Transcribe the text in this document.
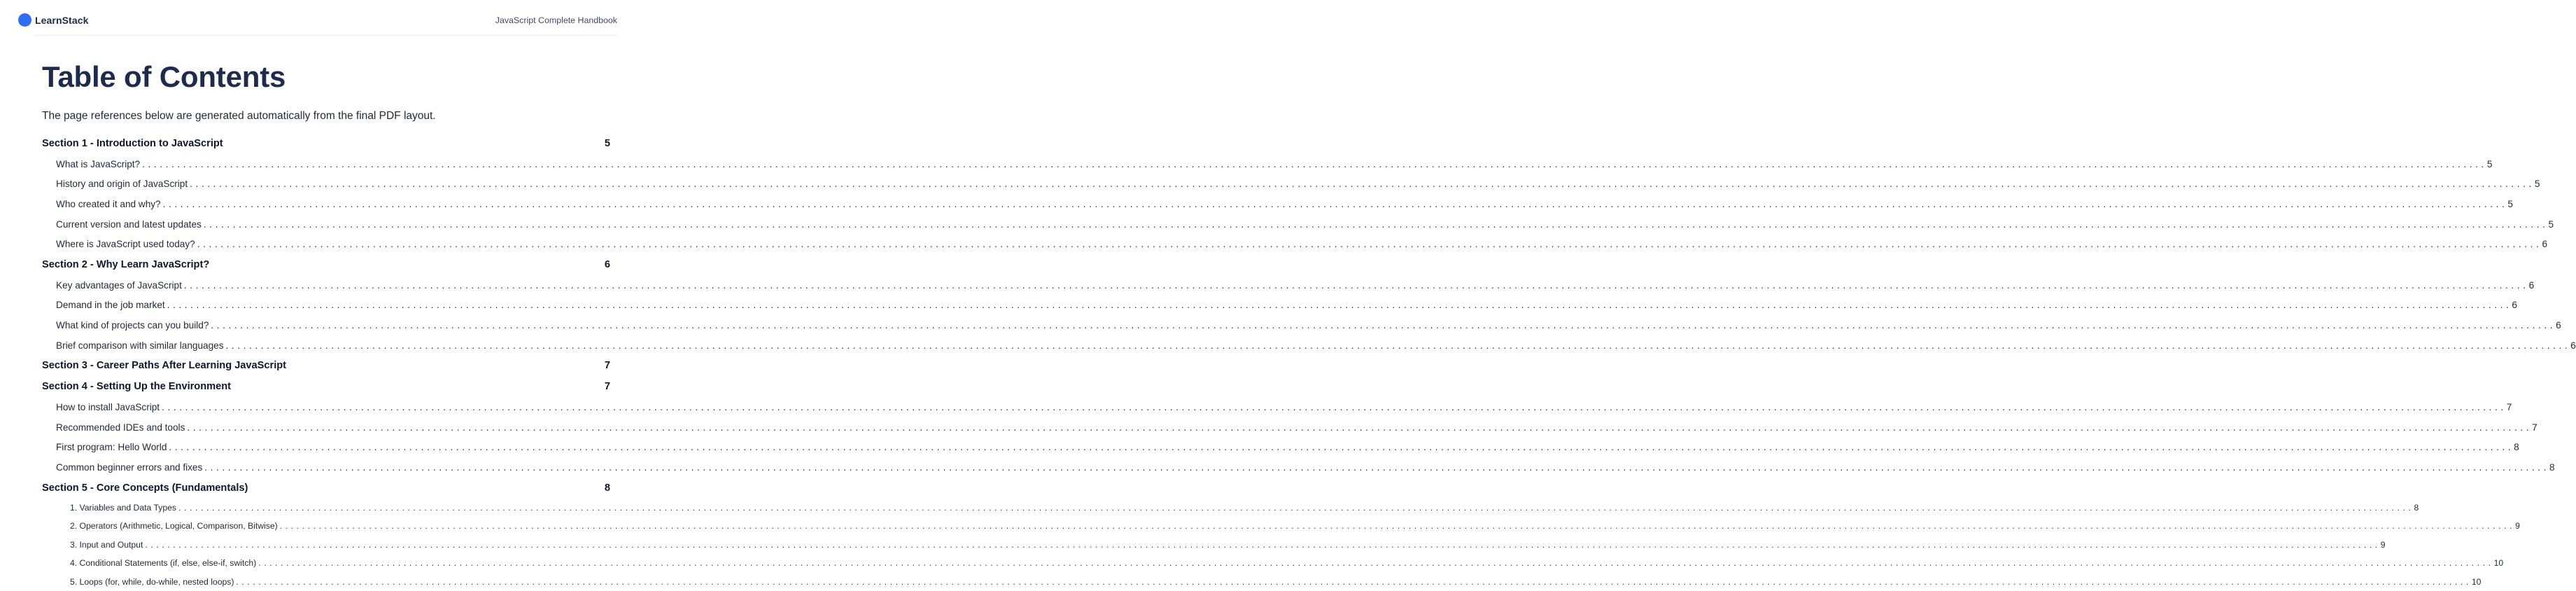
LearnStack	JavaScript Complete Handbook
Table of Contents
The page references below are generated automatically from the final PDF layout.
Section 1 - Introduction to JavaScript	5
What is JavaScript? ................................................................................................................................................................................................................................................................................................................................................................................................................ 5
History and origin of JavaScript ................................................................................................................................................................................................................................................................................................................................................................................................................ 5
Who created it and why? ................................................................................................................................................................................................................................................................................................................................................................................................................ 5
Current version and latest updates ................................................................................................................................................................................................................................................................................................................................................................................................................ 5
Where is JavaScript used today? ................................................................................................................................................................................................................................................................................................................................................................................................................ 6
Section 2 - Why Learn JavaScript?	6
Key advantages of JavaScript ................................................................................................................................................................................................................................................................................................................................................................................................................ 6
Demand in the job market ................................................................................................................................................................................................................................................................................................................................................................................................................ 6
What kind of projects can you build? ................................................................................................................................................................................................................................................................................................................................................................................................................ 6
Brief comparison with similar languages ................................................................................................................................................................................................................................................................................................................................................................................................................ 6
Section 3 - Career Paths After Learning JavaScript	7
Section 4 - Setting Up the Environment	7
How to install JavaScript ................................................................................................................................................................................................................................................................................................................................................................................................................ 7
Recommended IDEs and tools ................................................................................................................................................................................................................................................................................................................................................................................................................ 7
First program: Hello World ................................................................................................................................................................................................................................................................................................................................................................................................................ 8
Common beginner errors and fixes ................................................................................................................................................................................................................................................................................................................................................................................................................ 8
Section 5 - Core Concepts (Fundamentals)	8
1. Variables and Data Types ................................................................................................................................................................................................................................................................................................................................................................................................................ 8
2. Operators (Arithmetic, Logical, Comparison, Bitwise) ................................................................................................................................................................................................................................................................................................................................................................................................................ 9
3. Input and Output ................................................................................................................................................................................................................................................................................................................................................................................................................ 9
4. Conditional Statements (if, else, else-if, switch) ................................................................................................................................................................................................................................................................................................................................................................................................................ 10
5. Loops (for, while, do-while, nested loops) ................................................................................................................................................................................................................................................................................................................................................................................................................ 10
